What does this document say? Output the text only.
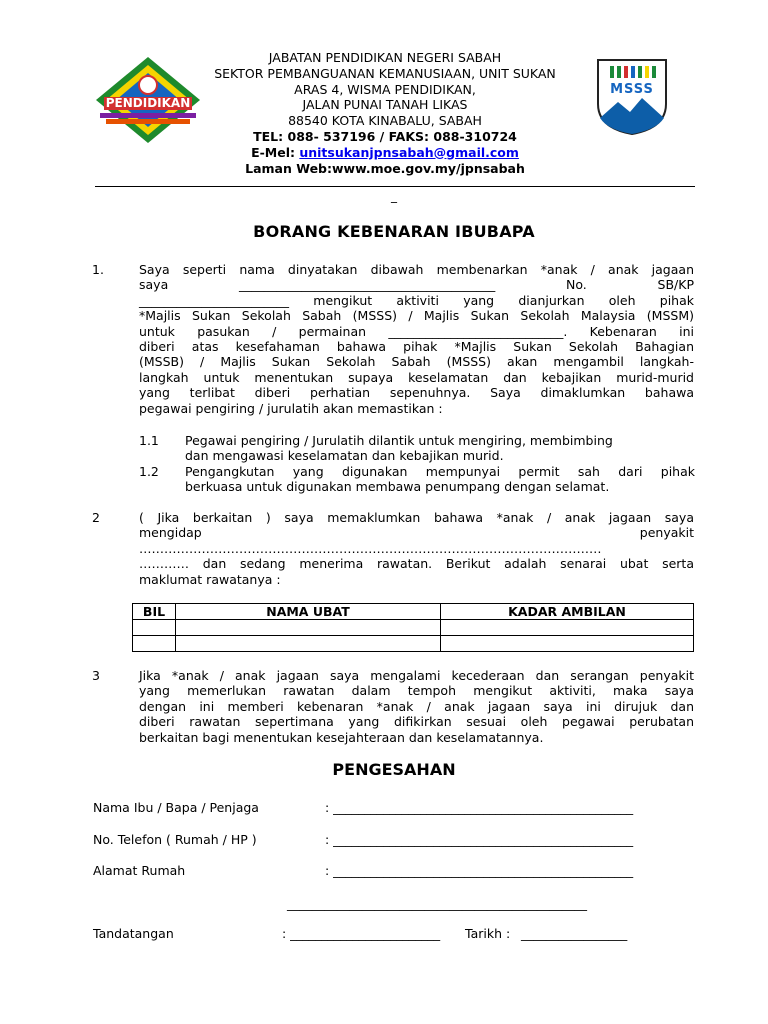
PENDIDIKAN
MSSS
JABATAN PENDIDIKAN NEGERI SABAH
SEKTOR PEMBANGUANAN KEMANUSIAAN, UNIT SUKAN
ARAS 4, WISMA PENDIDIKAN,
JALAN PUNAI TANAH LIKAS
88540 KOTA KINABALU, SABAH
TEL: 088- 537196 / FAKS: 088-310724
E-Mel: unitsukanjpnsabah@gmail.com
Laman Web:www.moe.gov.my/jpnsabah
_
BORANG KEBENARAN IBUBAPA
1.	Saya seperti nama dinyatakan dibawah membenarkan *anak / anak jagaan
saya _________________________________________ No. SB/KP
________________________ mengikut aktiviti yang dianjurkan oleh pihak
*Majlis Sukan Sekolah Sabah (MSSS) / Majlis Sukan Sekolah Malaysia (MSSM)
untuk pasukan / permainan ____________________________. Kebenaran ini
diberi atas kesefahaman bahawa pihak *Majlis Sukan Sekolah Bahagian
(MSSB) / Majlis Sukan Sekolah Sabah (MSSS) akan mengambil langkah-
langkah untuk menentukan supaya keselamatan dan kebajikan murid-murid
yang terlibat diberi perhatian sepenuhnya. Saya dimaklumkan bahawa
pegawai pengiring / jurulatih akan memastikan :
1.1 Pegawai pengiring / Jurulatih dilantik untuk mengiring, membimbing
dan mengawasi keselamatan dan kebajikan murid.
1.2 Pengangkutan yang digunakan mempunyai permit sah dari pihak
berkuasa untuk digunakan membawa penumpang dengan selamat.
2	( Jika berkaitan ) saya memaklumkan bahawa *anak / anak jagaan saya
mengidap penyakit
…………………………………………………………………………………………………
………… dan sedang menerima rawatan. Berikut adalah senarai ubat serta
maklumat rawatanya :
BIL	NAMA UBAT	KADAR AMBILAN

3	Jika *anak / anak jagaan saya mengalami kecederaan dan serangan penyakit
yang memerlukan rawatan dalam tempoh mengikut aktiviti, maka saya
dengan ini memberi kebenaran *anak / anak jagaan saya ini dirujuk dan
diberi rawatan sepertimana yang difikirkan sesuai oleh pegawai perubatan
berkaitan bagi menentukan kesejahteraan dan keselamatannya.
PENGESAHAN
Nama Ibu / Bapa / Penjaga	: ________________________________________________
No. Telefon ( Rumah / HP )	: ________________________________________________
Alamat Rumah	: ________________________________________________
________________________________________________
Tandatangan	: ________________________ Tarikh : _________________
